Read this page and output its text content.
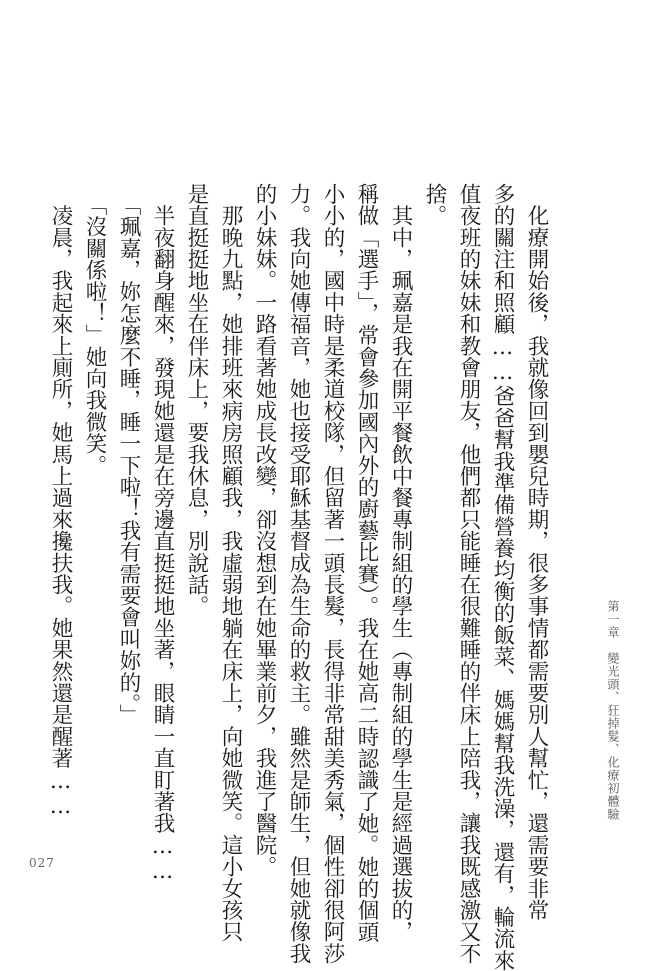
　化療開始後，我就像回到嬰兒時期，很多事情都需要別人幫忙，還需要非常
多的關注和照顧……爸爸幫我準備營養均衡的飯菜、媽媽幫我洗澡，還有，輪流來
值夜班的妹妹和教會朋友，他們都只能睡在很難睡的伴床上陪我，讓我既感激又不
捨。
　其中，珮嘉是我在開平餐飲中餐專制組的學生（專制組的學生是經過選拔的，
稱做「選手」，常會參加國內外的廚藝比賽）。我在她高二時認識了她。她的個頭
小小的，國中時是柔道校隊，但留著一頭長髮，長得非常甜美秀氣，個性卻很阿莎
力。我向她傳福音，她也接受耶穌基督成為生命的救主。雖然是師生，但她就像我
的小妹妹。一路看著她成長改變，卻沒想到在她畢業前夕，我進了醫院。
　那晚九點，她排班來病房照顧我，我虛弱地躺在床上，向她微笑。這小女孩只
是直挺挺地坐在伴床上，要我休息，別說話。
　半夜翻身醒來，發現她還是在旁邊直挺挺地坐著，眼睛一直盯著我……
　「珮嘉，妳怎麼不睡，睡一下啦！我有需要會叫妳的。」
　「沒關係啦！」她向我微笑。
　凌晨，我起來上廁所，她馬上過來攙扶我。她果然還是醒著……	第一章　變光頭、狂掉髮、化療初體驗
027
